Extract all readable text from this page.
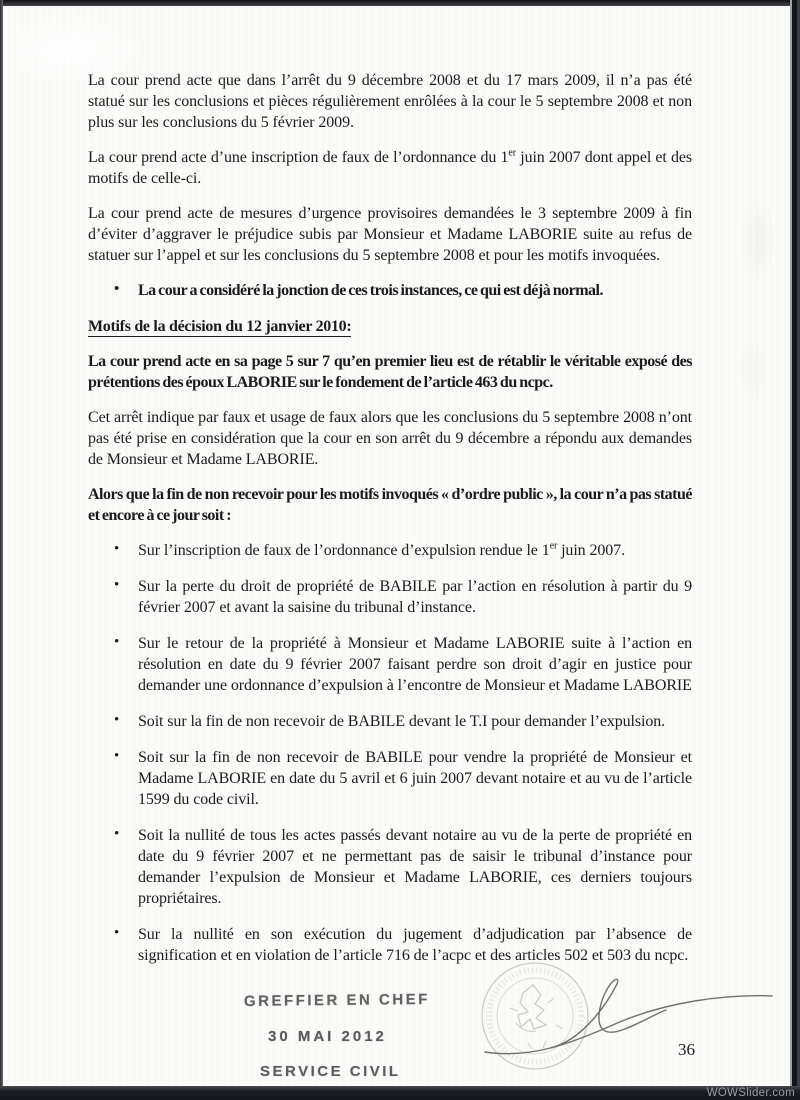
La cour prend acte que dans l’arrêt du 9 décembre 2008 et du 17 mars 2009, il n’a pas été statué sur les conclusions et pièces régulièrement enrôlées à la cour le 5 septembre 2008 et non plus sur les conclusions du 5 février 2009.

La cour prend acte d’une inscription de faux de l’ordonnance du 1er juin 2007 dont appel et des motifs de celle-ci.

La cour prend acte de mesures d’urgence provisoires demandées le 3 septembre 2009 à fin d’éviter d’aggraver le préjudice subis par Monsieur et Madame LABORIE suite au refus de statuer sur l’appel et sur les conclusions du 5 septembre 2008 et pour les motifs invoquées.

• La cour a considéré la jonction de ces trois instances, ce qui est déjà normal.

Motifs de la décision du 12 janvier 2010:

La cour prend acte en sa page 5 sur 7 qu’en premier lieu est de rétablir le véritable exposé des prétentions des époux LABORIE sur le fondement de l’article 463 du ncpc.

Cet arrêt indique par faux et usage de faux alors que les conclusions du 5 septembre 2008 n’ont pas été prise en considération que la cour en son arrêt du 9 décembre a répondu aux demandes de Monsieur et Madame LABORIE.

Alors que la fin de non recevoir pour les motifs invoqués « d’ordre public », la cour n’a pas statué et encore à ce jour soit :

• Sur l’inscription de faux de l’ordonnance d’expulsion rendue le 1er juin 2007.
• Sur la perte du droit de propriété de BABILE par l’action en résolution à partir du 9 février 2007 et avant la saisine du tribunal d’instance.
• Sur le retour de la propriété à Monsieur et Madame LABORIE suite à l’action en résolution en date du 9 février 2007 faisant perdre son droit d’agir en justice pour demander une ordonnance d’expulsion à l’encontre de Monsieur et Madame LABORIE
• Soit sur la fin de non recevoir de BABILE devant le T.I pour demander l’expulsion.
• Soit sur la fin de non recevoir de BABILE pour vendre la propriété de Monsieur et Madame LABORIE en date du 5 avril et 6 juin 2007 devant notaire et au vu de l’article 1599 du code civil.
• Soit la nullité de tous les actes passés devant notaire au vu de la perte de propriété en date du 9 février 2007 et ne permettant pas de saisir le tribunal d’instance pour demander l’expulsion de Monsieur et Madame LABORIE, ces derniers toujours propriétaires.
• Sur la nullité en son exécution du jugement d’adjudication par l’absence de signification et en violation de l’article 716 de l’acpc et des articles 502 et 503 du ncpc.
GREFFIER EN CHEF
30 MAI 2012
SERVICE CIVIL
36
WOWSlider.com
